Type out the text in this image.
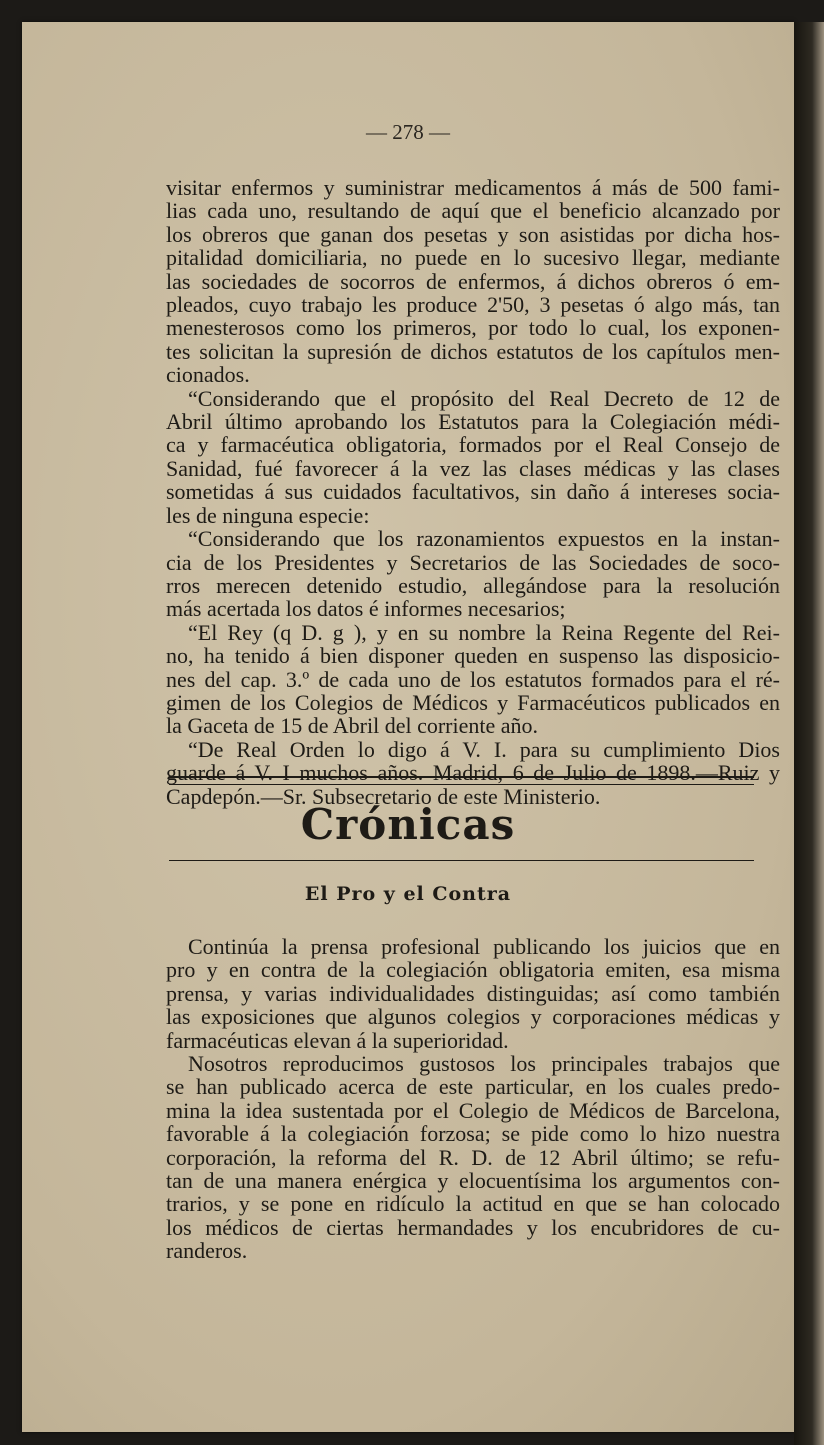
— 278 —
visitar enfermos y suministrar medicamentos á más de 500 fami-
lias cada uno, resultando de aquí que el beneficio alcanzado por
los obreros que ganan dos pesetas y son asistidas por dicha hos-
pitalidad domiciliaria, no puede en lo sucesivo llegar, mediante
las sociedades de socorros de enfermos, á dichos obreros ó em-
pleados, cuyo trabajo les produce 2'50, 3 pesetas ó algo más, tan
menesterosos como los primeros, por todo lo cual, los exponen-
tes solicitan la supresión de dichos estatutos de los capítulos men-
cionados.
“Considerando que el propósito del Real Decreto de 12 de
Abril último aprobando los Estatutos para la Colegiación médi-
ca y farmacéutica obligatoria, formados por el Real Consejo de
Sanidad, fué favorecer á la vez las clases médicas y las clases
sometidas á sus cuidados facultativos, sin daño á intereses socia-
les de ninguna especie:
“Considerando que los razonamientos expuestos en la instan-
cia de los Presidentes y Secretarios de las Sociedades de soco-
rros merecen detenido estudio, allegándose para la resolución
más acertada los datos é informes necesarios;
“El Rey (q D. g ), y en su nombre la Reina Regente del Rei-
no, ha tenido á bien disponer queden en suspenso las disposicio-
nes del cap. 3.º de cada uno de los estatutos formados para el ré-
gimen de los Colegios de Médicos y Farmacéuticos publicados en
la Gaceta de 15 de Abril del corriente año.
“De Real Orden lo digo á V. I. para su cumplimiento Dios
guarde á V. I muchos años. Madrid, 6 de Julio de 1898.—Ruiz y
Capdepón.—Sr. Subsecretario de este Ministerio.
Crónicas
El Pro y el Contra
Continúa la prensa profesional publicando los juicios que en
pro y en contra de la colegiación obligatoria emiten, esa misma
prensa, y varias individualidades distinguidas; así como también
las exposiciones que algunos colegios y corporaciones médicas y
farmacéuticas elevan á la superioridad.
Nosotros reproducimos gustosos los principales trabajos que
se han publicado acerca de este particular, en los cuales predo-
mina la idea sustentada por el Colegio de Médicos de Barcelona,
favorable á la colegiación forzosa; se pide como lo hizo nuestra
corporación, la reforma del R. D. de 12 Abril último; se refu-
tan de una manera enérgica y elocuentísima los argumentos con-
trarios, y se pone en ridículo la actitud en que se han colocado
los médicos de ciertas hermandades y los encubridores de cu-
randeros.
